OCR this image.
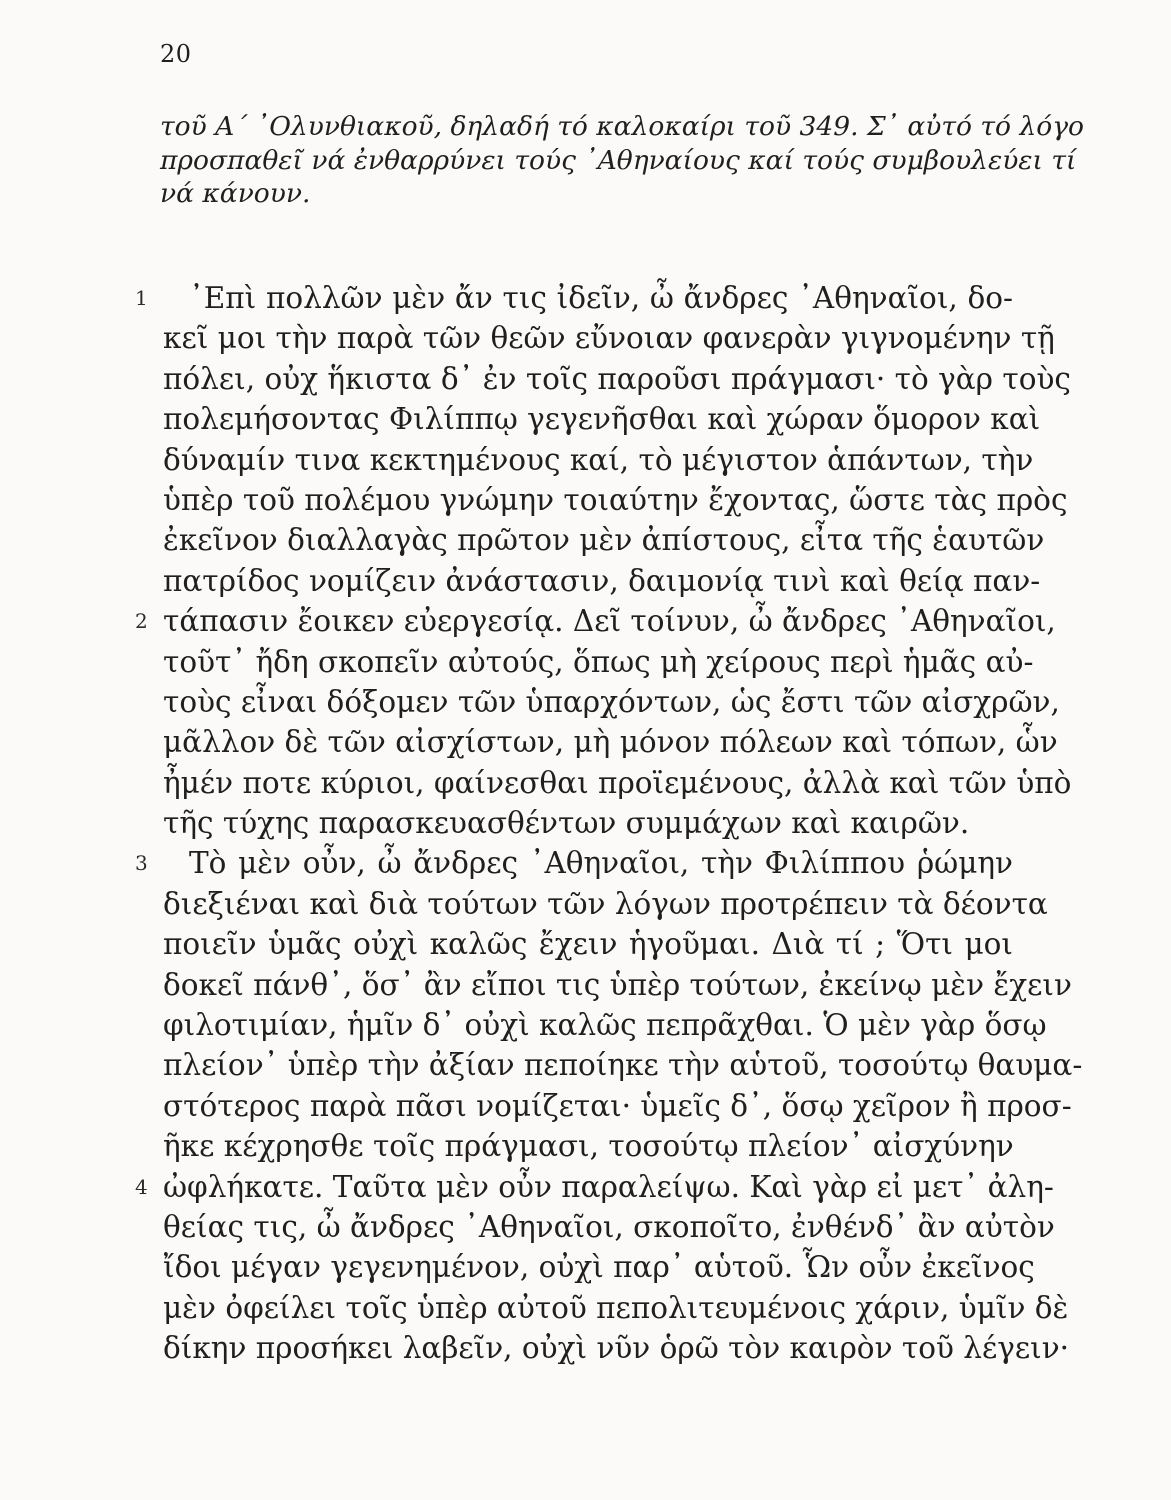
20
τοῦ Α΄ ᾿Ολυνθιακοῦ, δηλαδή τό καλοκαίρι τοῦ 349. Σ᾿ αὐτό τό λόγο
προσπαθεῖ νά ἐνθαρρύνει τούς ᾿Αθηναίους καί τούς συμβουλεύει τί
νά κάνουν.
1 ᾿Επὶ πολλῶν μὲν ἄν τις ἰδεῖν, ὦ ἄνδρες ᾿Αθηναῖοι, δο-
κεῖ μοι τὴν παρὰ τῶν θεῶν εὔνοιαν φανερὰν γιγνομένην τῇ
πόλει, οὐχ ἥκιστα δ᾿ ἐν τοῖς παροῦσι πράγμασι· τὸ γὰρ τοὺς
πολεμήσοντας Φιλίππῳ γεγενῆσθαι καὶ χώραν ὅμορον καὶ
δύναμίν τινα κεκτημένους καί, τὸ μέγιστον ἁπάντων, τὴν
ὑπὲρ τοῦ πολέμου γνώμην τοιαύτην ἔχοντας, ὥστε τὰς πρὸς
ἐκεῖνον διαλλαγὰς πρῶτον μὲν ἀπίστους, εἶτα τῆς ἑαυτῶν
πατρίδος νομίζειν ἀνάστασιν, δαιμονίᾳ τινὶ καὶ θείᾳ παν-
2 τάπασιν ἔοικεν εὐεργεσίᾳ. Δεῖ τοίνυν, ὦ ἄνδρες ᾿Αθηναῖοι,
τοῦτ᾿ ἤδη σκοπεῖν αὐτούς, ὅπως μὴ χείρους περὶ ἡμᾶς αὐ-
τοὺς εἶναι δόξομεν τῶν ὑπαρχόντων, ὡς ἔστι τῶν αἰσχρῶν,
μᾶλλον δὲ τῶν αἰσχίστων, μὴ μόνον πόλεων καὶ τόπων, ὧν
ἦμέν ποτε κύριοι, φαίνεσθαι προϊεμένους, ἀλλὰ καὶ τῶν ὑπὸ
τῆς τύχης παρασκευασθέντων συμμάχων καὶ καιρῶν.
3 Τὸ μὲν οὖν, ὦ ἄνδρες ᾿Αθηναῖοι, τὴν Φιλίππου ῥώμην
διεξιέναι καὶ διὰ τούτων τῶν λόγων προτρέπειν τὰ δέοντα
ποιεῖν ὑμᾶς οὐχὶ καλῶς ἔχειν ἡγοῦμαι. Διὰ τί ; Ὅτι μοι
δοκεῖ πάνθ᾿, ὅσ᾿ ἂν εἴποι τις ὑπὲρ τούτων, ἐκείνῳ μὲν ἔχειν
φιλοτιμίαν, ἡμῖν δ᾿ οὐχὶ καλῶς πεπρᾶχθαι. Ὁ μὲν γὰρ ὅσῳ
πλείον᾿ ὑπὲρ τὴν ἀξίαν πεποίηκε τὴν αὑτοῦ, τοσούτῳ θαυμα-
στότερος παρὰ πᾶσι νομίζεται· ὑμεῖς δ᾿, ὅσῳ χεῖρον ἢ προσ-
ῆκε κέχρησθε τοῖς πράγμασι, τοσούτῳ πλείον᾿ αἰσχύνην
4 ὠφλήκατε. Ταῦτα μὲν οὖν παραλείψω. Καὶ γὰρ εἰ μετ᾿ ἀλη-
θείας τις, ὦ ἄνδρες ᾿Αθηναῖοι, σκοποῖτο, ἐνθένδ᾿ ἂν αὐτὸν
ἴδοι μέγαν γεγενημένον, οὐχὶ παρ᾿ αὑτοῦ. Ὧν οὖν ἐκεῖνος
μὲν ὀφείλει τοῖς ὑπὲρ αὐτοῦ πεπολιτευμένοις χάριν, ὑμῖν δὲ
δίκην προσήκει λαβεῖν, οὐχὶ νῦν ὁρῶ τὸν καιρὸν τοῦ λέγειν·
